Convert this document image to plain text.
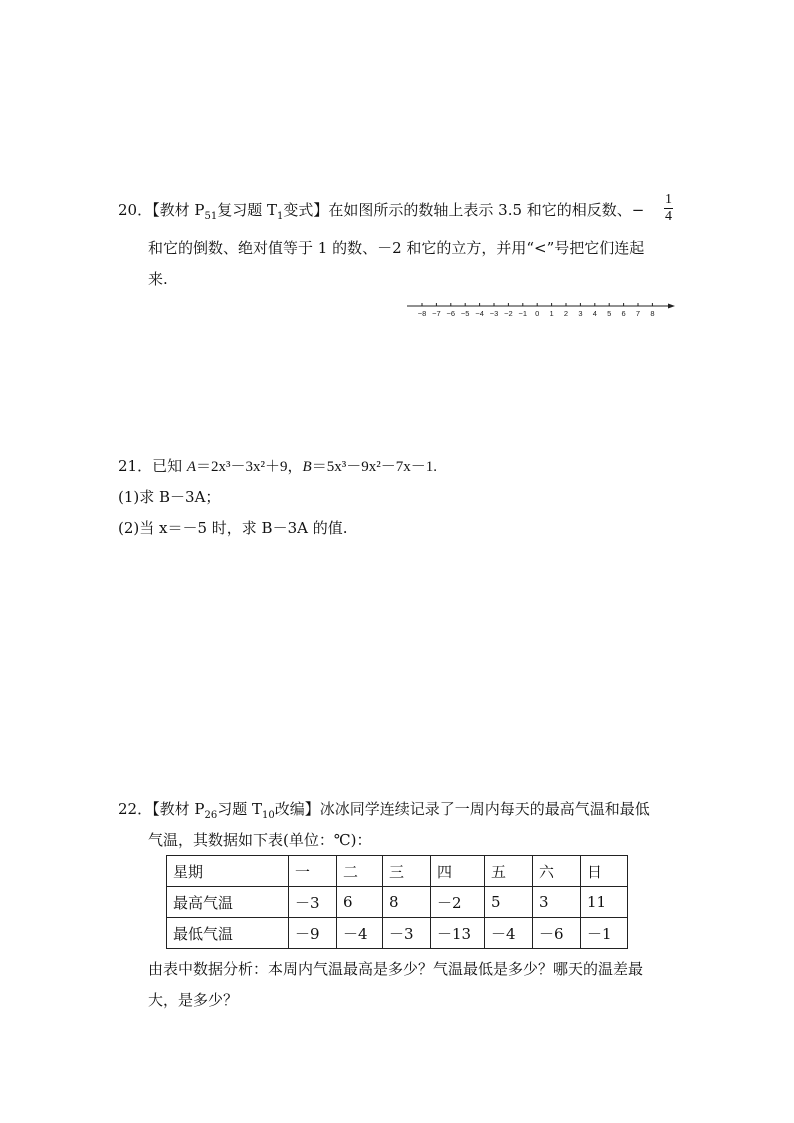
20．【教材 $P_{51}$复习题 $T_1$变式】在如图所示的数轴上表示 3.5 和它的相反数、− $\frac{1}{4}$
和它的倒数、绝对值等于 1 的数、－2 和它的立方，并用“<”号把它们连起
来.
−8 −7 −6 −5 −4 −3 −2 −1 0 1 2 3 4 5 6 7 8
21．已知 A＝2x³－3x²＋9，B＝5x³－9x²－7x－1.
(1)求 B－3A；
(2)当 x＝－5 时，求 B－3A 的值.
22．【教材 $P_{26}$习题 $T_{10}$改编】冰冰同学连续记录了一周内每天的最高气温和最低
气温，其数据如下表(单位：℃)：
星期	一	二	三	四	五	六	日
最高气温	－3	6	8	－2	5	3	11
最低气温	－9	－4	－3	－13	－4	－6	－1
由表中数据分析：本周内气温最高是多少？气温最低是多少？哪天的温差最
大，是多少？
